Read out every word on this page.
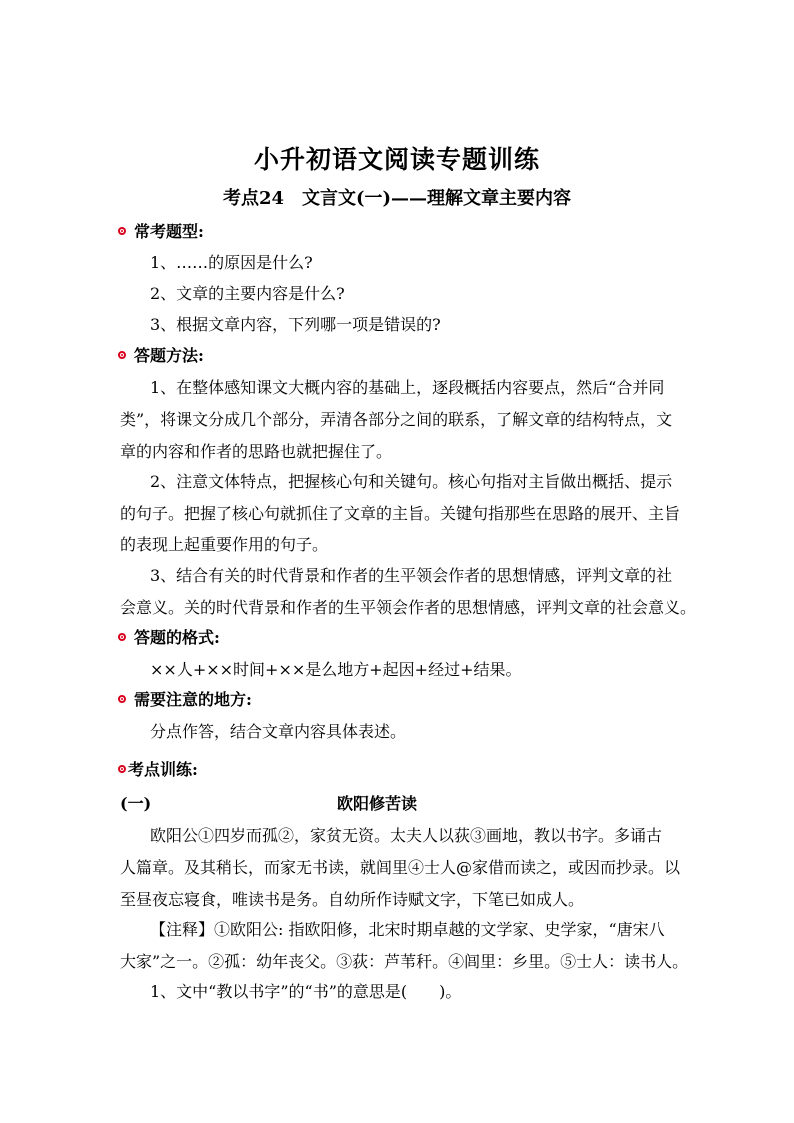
小升初语文阅读专题训练
考点24　文言文(一)——理解文章主要内容
常考题型:
1、……的原因是什么?
2、文章的主要内容是什么?
3、根据文章内容，下列哪一项是错误的?
答题方法:
1、在整体感知课文大概内容的基础上，逐段概括内容要点，然后“合并同
类”，将课文分成几个部分，弄清各部分之间的联系，了解文章的结构特点，文
章的内容和作者的思路也就把握住了。
2、注意文体特点，把握核心句和关键句。核心句指对主旨做出概括、提示
的句子。把握了核心句就抓住了文章的主旨。关键句指那些在思路的展开、主旨
的表现上起重要作用的句子。
3、结合有关的时代背景和作者的生平领会作者的思想情感，评判文章的社
会意义。关的时代背景和作者的生平领会作者的思想情感，评判文章的社会意义。
答题的格式:
××人+××时间+××是么地方+起因+经过+结果。
需要注意的地方:
分点作答，结合文章内容具体表述。
考点训练:
(一)	欧阳修苦读
欧阳公①四岁而孤②，家贫无资。太夫人以荻③画地，教以书字。多诵古
人篇章。及其稍长，而家无书读，就闾里④士人@家借而读之，或因而抄录。以
至昼夜忘寝食，唯读书是务。自幼所作诗赋文字，下笔已如成人。
【注释】①欧阳公: 指欧阳修，北宋时期卓越的文学家、史学家，“唐宋八
大家”之一。②孤：幼年丧父。③荻：芦苇秆。④闾里：乡里。⑤士人：读书人。
1、文中“教以书字”的“书”的意思是(　　)。
